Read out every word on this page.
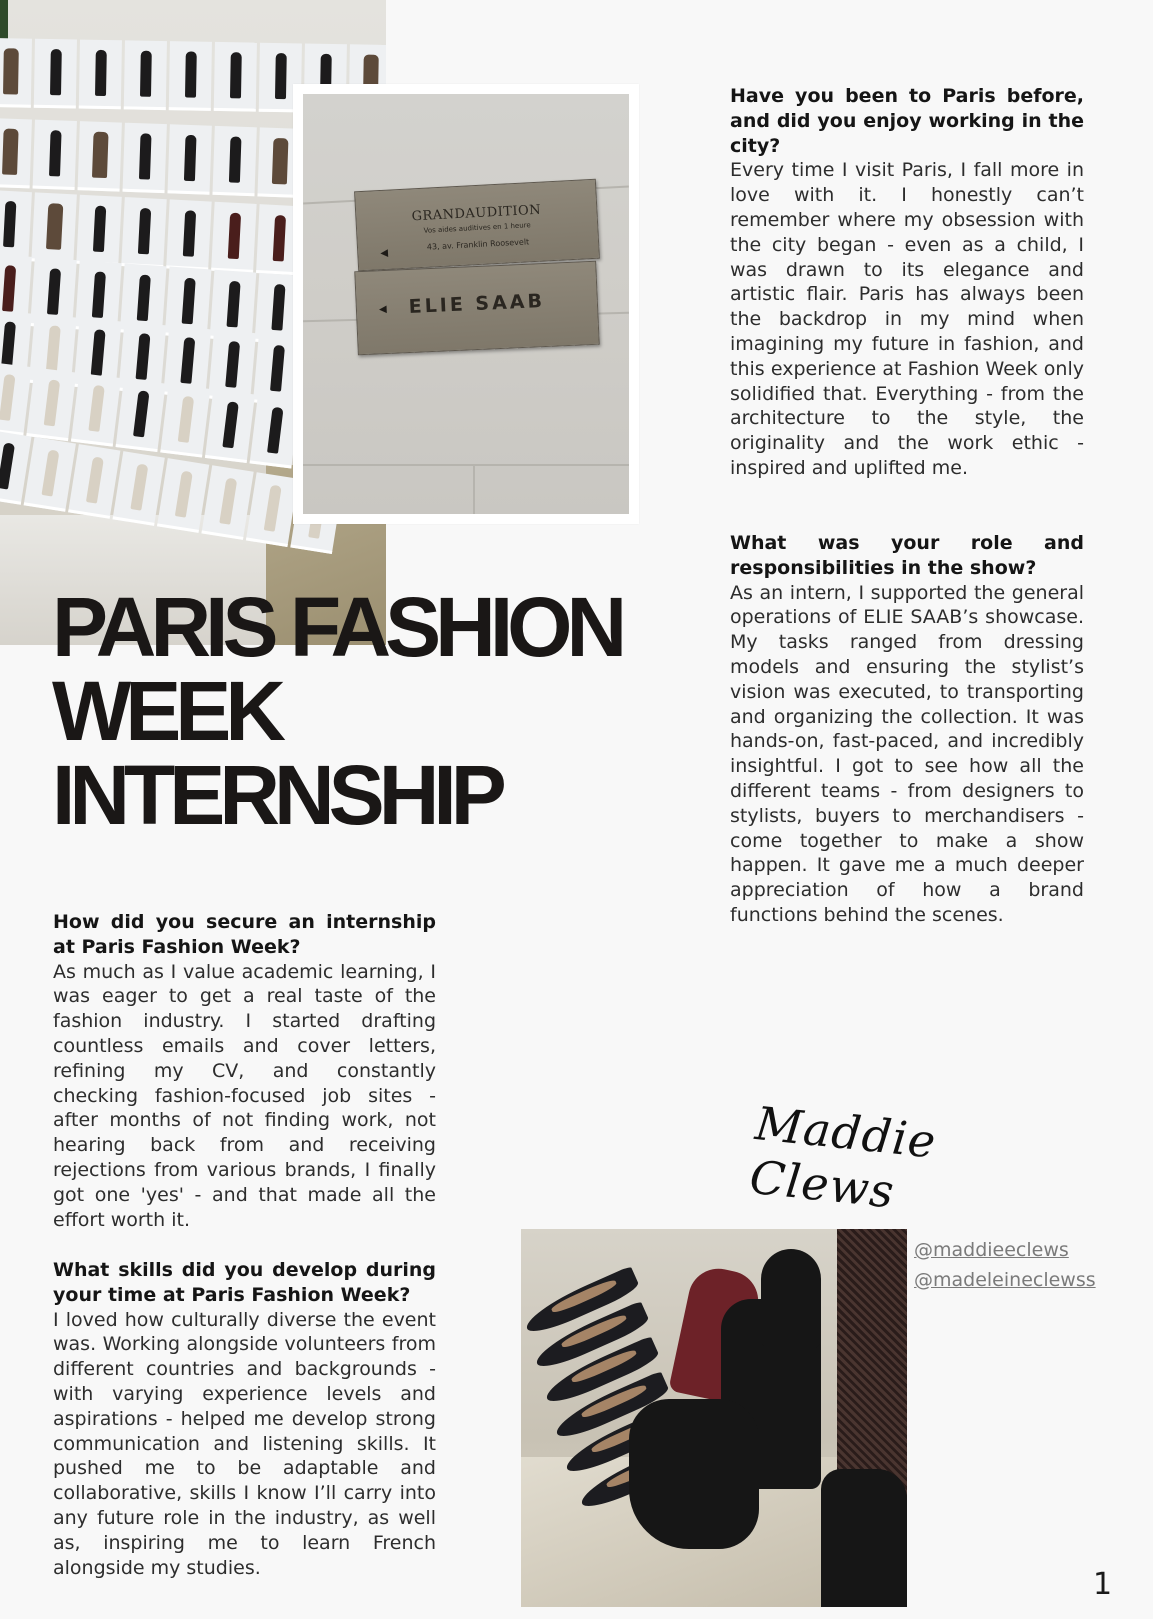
GRANDAUDITION
Vos aides auditives en 1 heure
43, av. Franklin Roosevelt
◀
◀	ELIE SAAB
PARIS FASHION
WEEK
INTERNSHIP

Have you been to Paris before, and did you enjoy working in the city?

Every time I visit Paris, I fall more in love with it. I honestly can’t remember where my obsession with the city began - even as a child, I was drawn to its elegance and artistic flair. Paris has always been the backdrop in my mind when imagining my future in fashion, and this experience at Fashion Week only solidified that. Everything - from the architecture to the style, the originality and the work ethic - inspired and uplifted me.

What was your role and responsibilities in the show?

As an intern, I supported the general operations of ELIE SAAB’s showcase. My tasks ranged from dressing models and ensuring the stylist’s vision was executed, to transporting and organizing the collection. It was hands-on, fast-paced, and incredibly insightful. I got to see how all the different teams - from designers to stylists, buyers to merchandisers - come together to make a show happen. It gave me a much deeper appreciation of how a brand functions behind the scenes.

How did you secure an internship at Paris Fashion Week?

As much as I value academic learning, I was eager to get a real taste of the fashion industry. I started drafting countless emails and cover letters, refining my CV, and constantly checking fashion-focused job sites - after months of not finding work, not hearing back from and receiving rejections from various brands, I finally got one 'yes' - and that made all the effort worth it.

What skills did you develop during your time at Paris Fashion Week?

I loved how culturally diverse the event was. Working alongside volunteers from different countries and backgrounds - with varying experience levels and aspirations - helped me develop strong communication and listening skills. It pushed me to be adaptable and collaborative, skills I know I’ll carry into any future role in the industry, as well as, inspiring me to learn French alongside my studies.

Maddie Clews
@maddieeclews
@madeleineclewss
1
